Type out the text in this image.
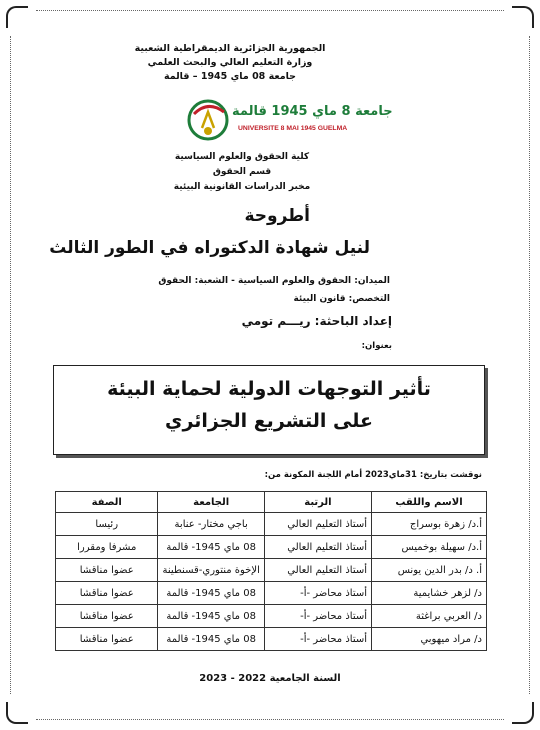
الجمهورية الجزائرية الديمقراطية الشعبية
وزارة التعليم العالي والبحث العلمي
جامعة 08 ماي 1945 – قالمة
جامعة 8 ماي 1945 قالمة
UNIVERSITE 8 MAI 1945 GUELMA
كلية الحقوق والعلوم السياسية
قسم الحقوق
مخبر الدراسات القانونية البيئية
أطروحة
لنيل شهادة الدكتوراه في الطور الثالث
الميدان: الحقوق والعلوم السياسية - الشعبة: الحقوق
التخصص: قانون البيئة
إعداد الباحثة: ريـــم تومي
بعنوان:
تأثير التوجهات الدولية لحماية البيئة
على التشريع الجزائري
نوقشت بتاريخ: 31ماي2023 أمام اللجنة المكونة من:
الاسم واللقب	الرتبة	الجامعة	الصفة
أ.د/ زهرة بوسراج	أستاذ التعليم العالي	باجي مختار- عنابة	رئيسا
أ.د/ سهيلة بوخميس	أستاذ التعليم العالي	08 ماي 1945- قالمة	مشرفا ومقررا
أ. د/ بدر الدين يونس	أستاذ التعليم العالي	الإخوة منتوري-قسنطينة	عضوا مناقشا
د/ لزهر خشايمية	أستاذ محاضر -أ-	08 ماي 1945- قالمة	عضوا مناقشا
د/ العربي براغثة	أستاذ محاضر -أ-	08 ماي 1945- قالمة	عضوا مناقشا
د/ مراد ميهوبي	أستاذ محاضر -أ-	08 ماي 1945- قالمة	عضوا مناقشا
السنة الجامعية 2022 - 2023
